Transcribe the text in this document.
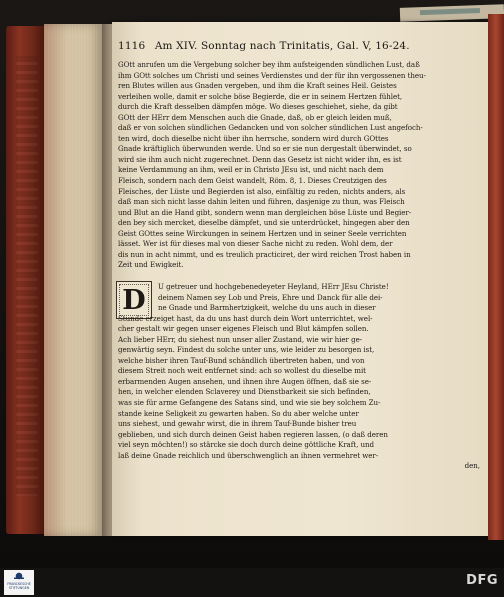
1116 Am XIV. Sonntag nach Trinitatis, Gal. V, 16-24.
GOtt anrufen um die Vergebung solcher bey ihm aufsteigenden sündlichen Lust, daß
ihm GOtt solches um Christi und seines Verdienstes und der für ihn vergossenen theu-
ren Blutes willen aus Gnaden vergeben, und ihm die Kraft seines Heil. Geistes
verleihen wolle, damit er solche böse Begierde, die er in seinem Hertzen fühlet,
durch die Kraft desselben dämpfen möge. Wo dieses geschiehet, siehe, da gibt
GOtt der HErr dem Menschen auch die Gnade, daß, ob er gleich leiden muß,
daß er von solchen sündlichen Gedancken und von solcher sündlichen Lust angefoch-
ten wird, doch dieselbe nicht über ihn herrsche, sondern wird durch GOttes
Gnade kräftiglich überwunden werde. Und so er sie nun dergestalt überwindet, so
wird sie ihm auch nicht zugerechnet. Denn das Gesetz ist nicht wider ihn, es ist
keine Verdammung an ihm, weil er in Christo JEsu ist, und nicht nach dem
Fleisch, sondern nach dem Geist wandelt, Röm. 8, 1. Dieses Creutzigen des
Fleisches, der Lüste und Begierden ist also, einfältig zu reden, nichts anders, als
daß man sich nicht lasse dahin leiten und führen, dasjenige zu thun, was Fleisch
und Blut an die Hand gibt, sondern wenn man dergleichen böse Lüste und Begier-
den bey sich mercket, dieselbe dämpfet, und sie unterdrücket, hingegen aber den
Geist GOttes seine Wirckungen in seinem Hertzen und in seiner Seele verrichten
lässet. Wer ist für dieses mal von dieser Sache nicht zu reden. Wohl dem, der
dis nun in acht nimmt, und es treulich practiciret, der wird reichen Trost haben in
Zeit und Ewigkeit.
D	U getreuer und hochgebenedeyeter Heyland, HErr JEsu Christe!
deinem Namen sey Lob und Preis, Ehre und Danck für alle dei-
ne Gnade und Barmhertzigkeit, welche du uns auch in dieser
Stunde erzeiget hast, da du uns hast durch dein Wort unterrichtet, wel-
cher gestalt wir gegen unser eigenes Fleisch und Blut kämpfen sollen.
Ach lieber HErr, du siehest nun unser aller Zustand, wie wir hier ge-
genwärtig seyn. Findest du solche unter uns, wie leider zu besorgen ist,
welche bisher ihren Tauf-Bund schändlich übertreten haben, und von
diesem Streit noch weit entfernet sind: ach so wollest du dieselbe mit
erbarmenden Augen ansehen, und ihnen ihre Augen öffnen, daß sie se-
hen, in welcher elenden Sclaverey und Dienstbarkeit sie sich befinden,
was sie für arme Gefangene des Satans sind, und wie sie bey solchem Zu-
stande keine Seligkeit zu gewarten haben. So du aber welche unter
uns siehest, und gewahr wirst, die in ihrem Tauf-Bunde bisher treu
geblieben, und sich durch deinen Geist haben regieren lassen, (o daß deren
viel seyn möchten!) so stärcke sie doch durch deine göttliche Kraft, und
laß deine Gnade reichlich und überschwenglich an ihnen vermehret wer-
den,
FRANCKESCHE STIFTUNGEN	DFG
